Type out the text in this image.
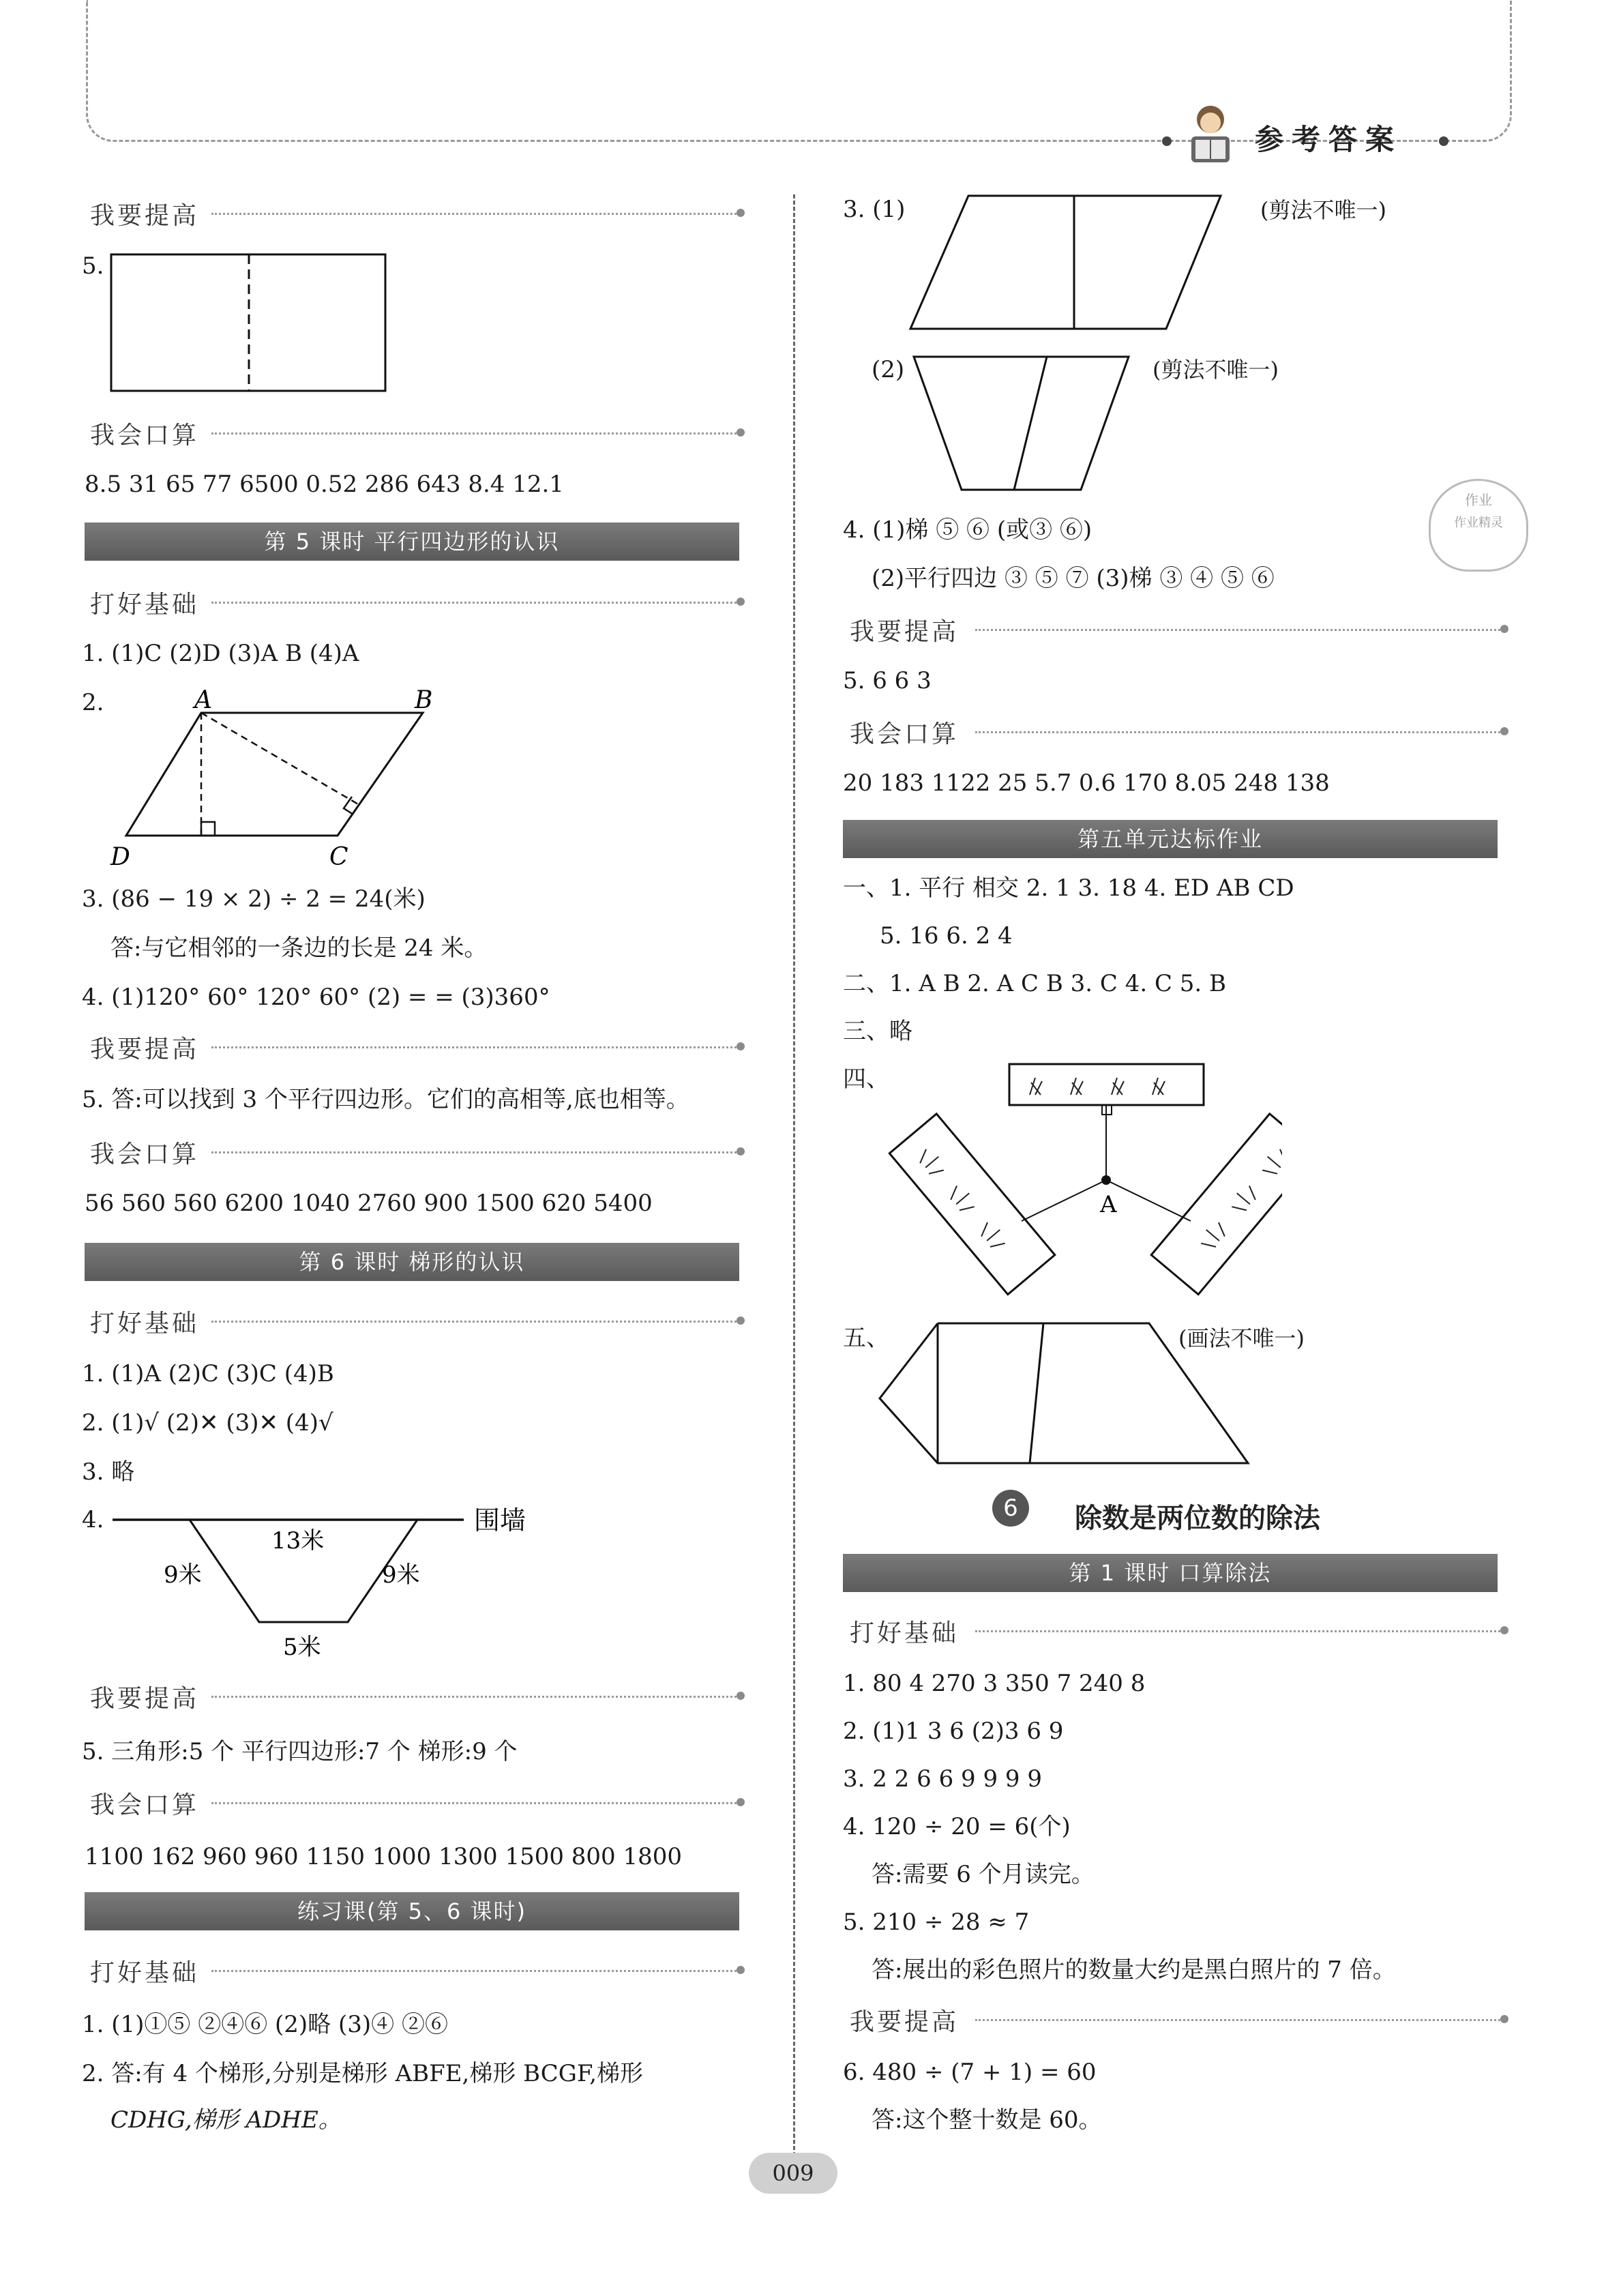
参考答案
我要提高
5.
我会口算
8.5 31 65 77 6500 0.52 286 643 8.4 12.1
第 5 课时 平行四边形的认识
打好基础
1. (1)C (2)D (3)A B (4)A
2.	A	B
C
D
3. (86 − 19 × 2) ÷ 2 = 24(米)
答:与它相邻的一条边的长是 24 米。
4. (1)120° 60° 120° 60° (2) = = (3)360°
我要提高
5. 答:可以找到 3 个平行四边形。它们的高相等,底也相等。
我会口算
56 560 560 6200 1040 2760 900 1500 620 5400
第 6 课时 梯形的认识
打好基础
1. (1)A (2)C (3)C (4)B
2. (1)√ (2)✕ (3)✕ (4)√
3. 略
4.	围墙
13米
9米	9米
5米
我要提高
5. 三角形:5 个 平行四边形:7 个 梯形:9 个
我会口算
1100 162 960 960 1150 1000 1300 1500 800 1800
练习课(第 5、6 课时)
打好基础
1. (1)①⑤ ②④⑥ (2)略 (3)④ ②⑥
2. 答:有 4 个梯形,分别是梯形 ABFE,梯形 BCGF,梯形
CDHG,梯形 ADHE。
3. (1)	(剪法不唯一)
(2)	(剪法不唯一)
4. (1)梯 ⑤ ⑥ (或③ ⑥)
作业
作业精灵
(2)平行四边 ③ ⑤ ⑦ (3)梯 ③ ④ ⑤ ⑥
我要提高
5. 6 6 3
我会口算
20 183 1122 25 5.7 0.6 170 8.05 248 138
第五单元达标作业
一、1. 平行 相交 2. 1 3. 18 4. ED AB CD
5. 16 6. 2 4
二、1. A B 2. A C B 3. C 4. C 5. B
三、略
四、
A
五、	(画法不唯一)
6	除数是两位数的除法
第 1 课时 口算除法
打好基础
1. 80 4 270 3 350 7 240 8
2. (1)1 3 6 (2)3 6 9
3. 2 2 6 6 9 9 9 9
4. 120 ÷ 20 = 6(个)
答:需要 6 个月读完。
5. 210 ÷ 28 ≈ 7
答:展出的彩色照片的数量大约是黑白照片的 7 倍。
我要提高
6. 480 ÷ (7 + 1) = 60
答:这个整十数是 60。
009
